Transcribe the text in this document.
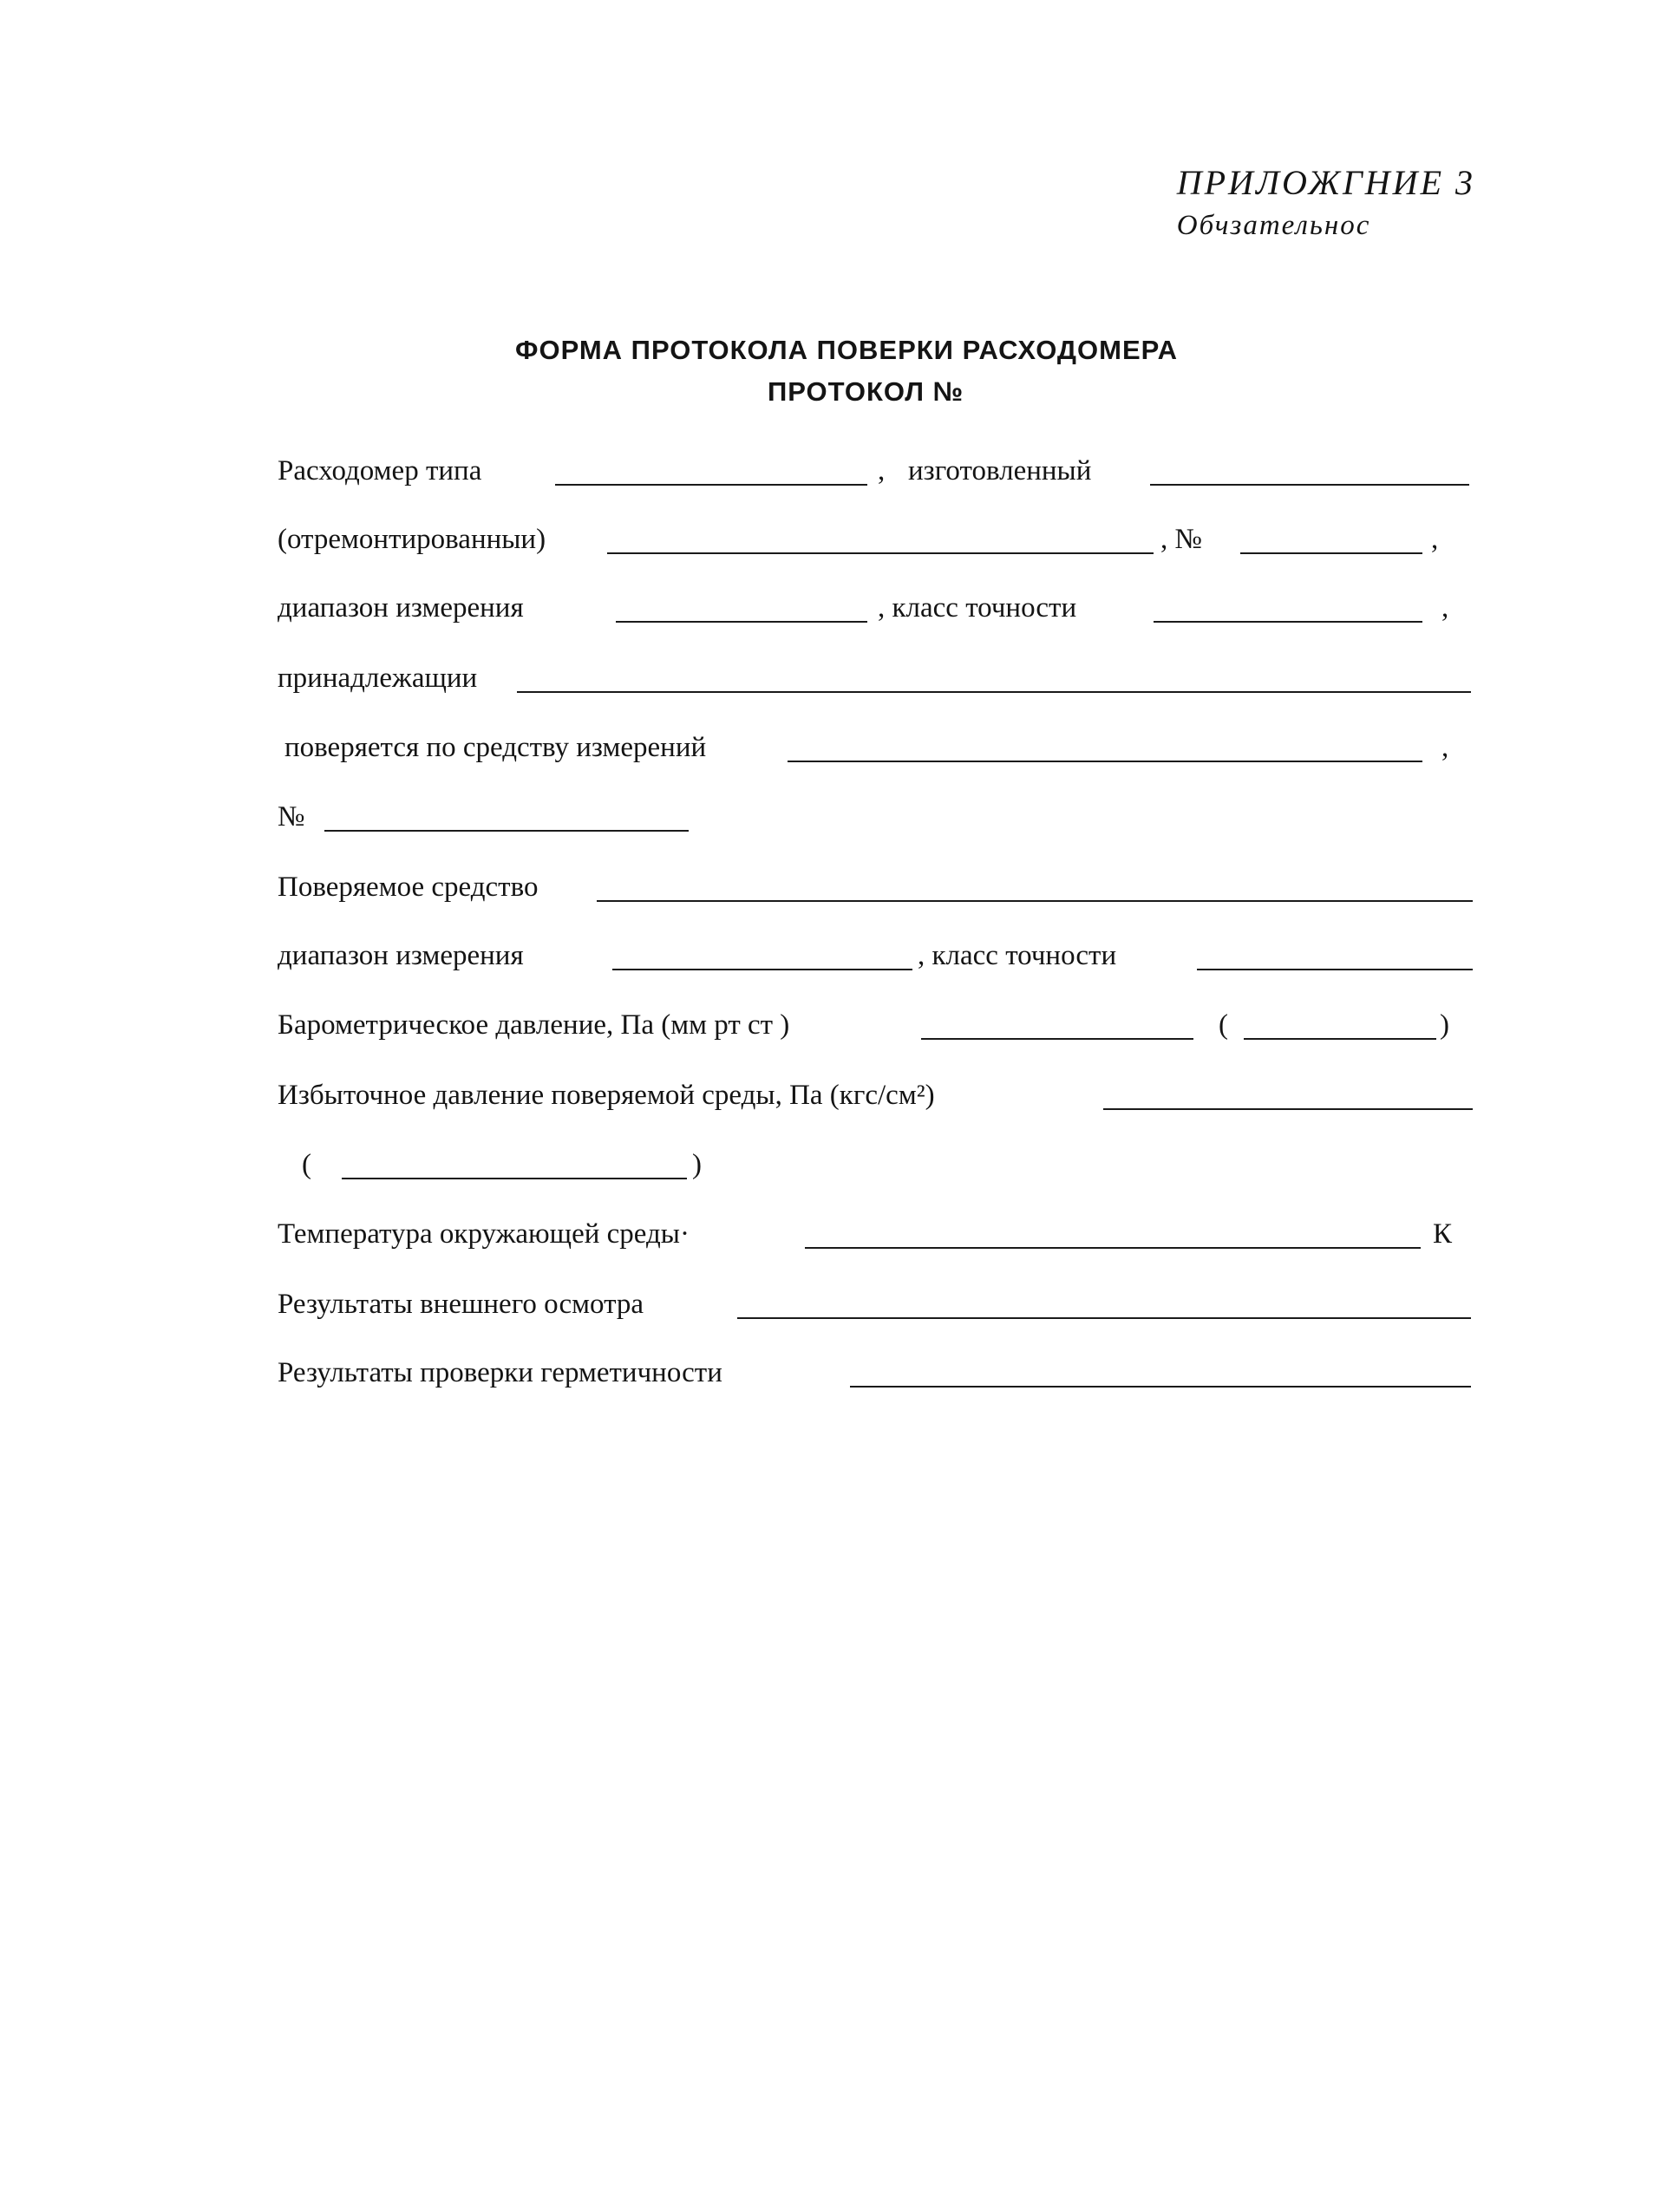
ПРИЛОЖГНИЕ 3
Обчзательнос
ФОРМА ПРОТОКОЛА ПОВЕРКИ РАСХОДОМЕРА
ПРОТОКОЛ №
Расходомер типа	, изготовленный
(отремонтированныи)	, №	,
диапазон измерения	, класс точности	,
принадлежащии
поверяется по средству измерений	,
№
Поверяемое средство
диапазон измерения	, класс точности
Барометрическое давление, Па (мм рт ст )	(	)
Избыточное давление поверяемой среды, Па (кгс/см²)
(	)
Температура окружающей среды·	К
Результаты внешнего осмотра
Результаты проверки герметичности
